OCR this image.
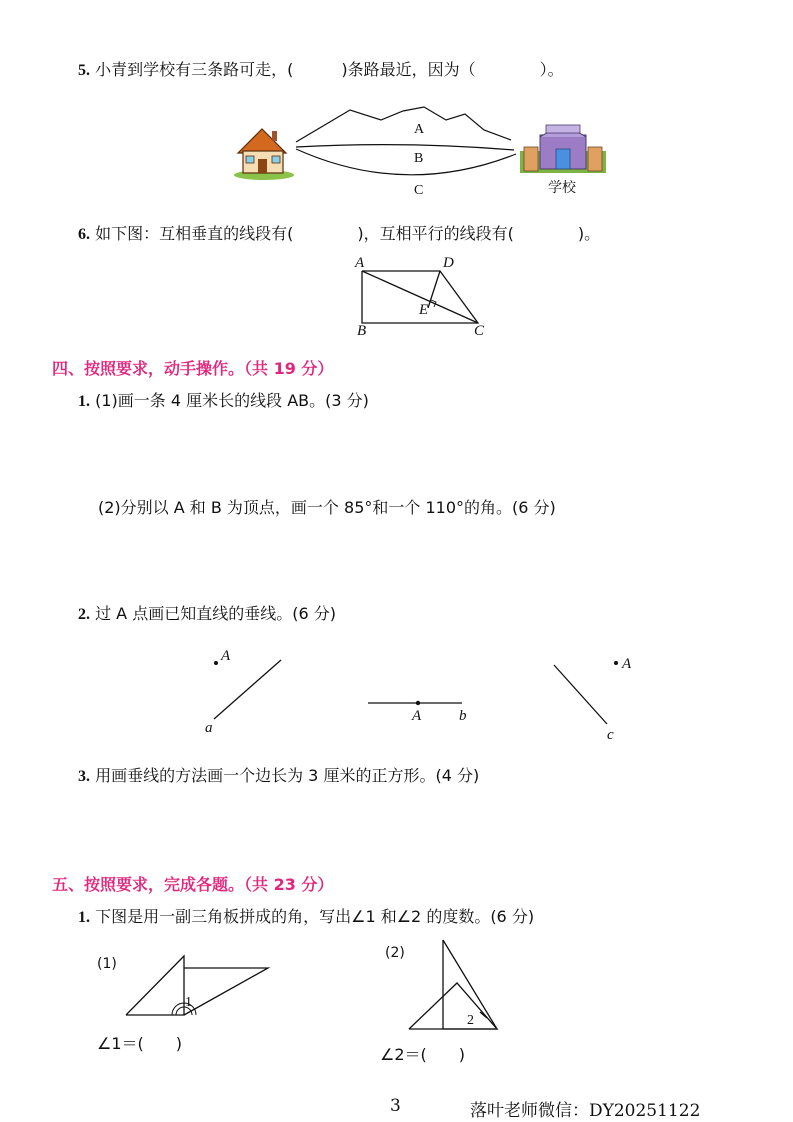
5. 小青到学校有三条路可走，(　　　)条路最近，因为（　　　　）。
学校
A
B
C
6. 如下图：互相垂直的线段有(　　　　)，互相平行的线段有(　　　　)。
A	D
E
B	C
四、按照要求，动手操作。（共 19 分）
1. (1)画一条 4 厘米长的线段 AB。(3 分)
(2)分别以 A 和 B 为顶点，画一个 85°和一个 110°的角。(6 分)
2. 过 A 点画已知直线的垂线。(6 分)
A
a
A	b
A
c
3. 用画垂线的方法画一个边长为 3 厘米的正方形。(4 分)
五、按照要求，完成各题。（共 23 分）
1. 下图是用一副三角板拼成的角，写出∠1 和∠2 的度数。(6 分)
(1)
1
∠1＝(　　)
(2)
2
∠2＝(　　)
3	落叶老师微信：DY20251122
